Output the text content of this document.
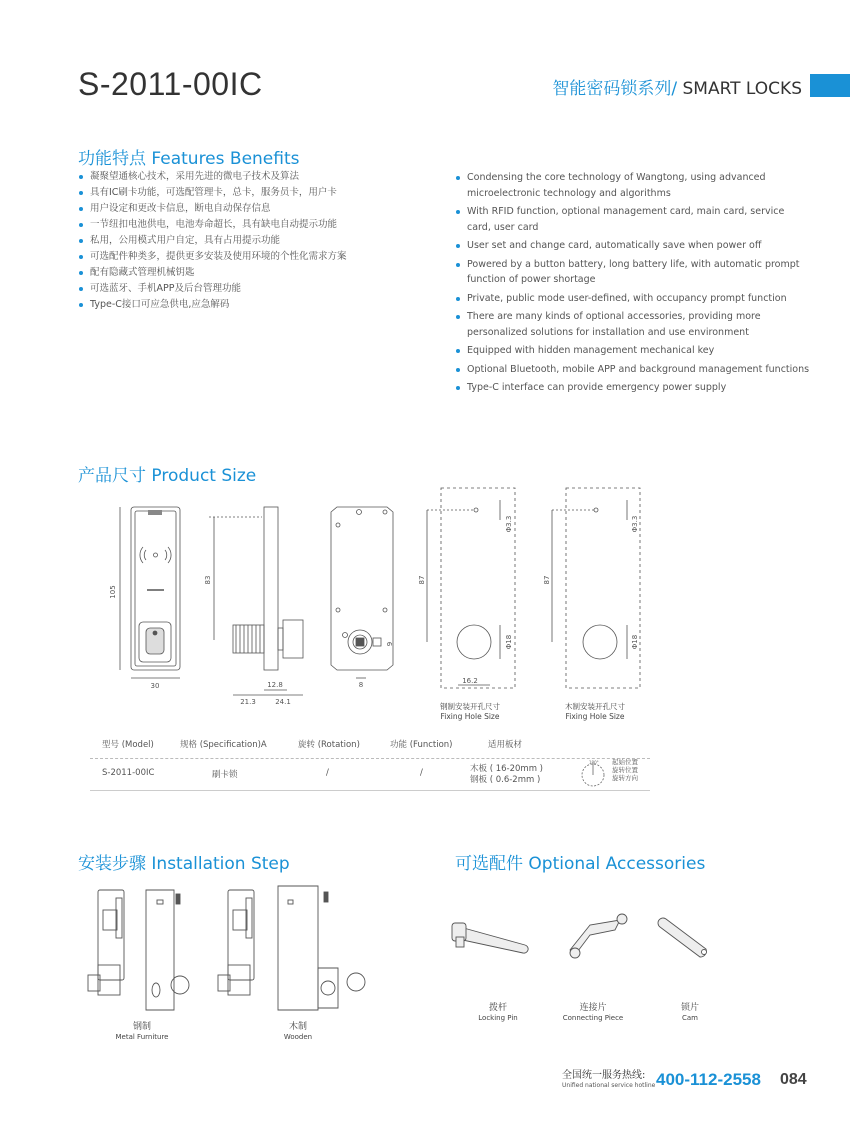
S-2011-00IC	智能密码锁系列/ SMART LOCKS
功能特点 Features Benefits
凝聚望通核心技术，采用先进的微电子技术及算法
具有IC刷卡功能，可选配管理卡，总卡，服务员卡，用户卡
用户设定和更改卡信息，断电自动保存信息
一节纽扣电池供电，电池寿命超长，具有缺电自动提示功能
私用，公用模式用户自定，具有占用提示功能
可选配件种类多，提供更多安装及使用环境的个性化需求方案
配有隐藏式管理机械钥匙
可选蓝牙、手机APP及后台管理功能
Type-C接口可应急供电,应急解码
Condensing the core technology of Wangtong, using advanced microelectronic technology and algorithms
With RFID function, optional management card, main card, service card, user card
User set and change card, automatically save when power off
Powered by a button battery, long battery life, with automatic prompt function of power shortage
Private, public mode user-defined, with occupancy prompt function
There are many kinds of optional accessories, providing more personalized solutions for installation and use environment
Equipped with hidden management mechanical key
Optional Bluetooth, mobile APP and background management functions
Type-C interface can provide emergency power supply
产品尺寸 Product Size
105
30
83
12.8
21.3	24.1
8
9
87	87
Φ3.3	Φ3.3
Φ18	Φ18
16.2
钢制安装开孔尺寸
Fixing Hole Size
木制安装开孔尺寸
Fixing Hole Size
型号 (Model)	规格 (Specification)A	旋转 (Rotation)	功能 (Function)	适用板材
S-2011-00IC	刷卡锁	/	/	木板 ( 16-20mm )
钢板 ( 0.6-2mm )
180° 起始位置
旋转位置
旋转方向
安装步骤 Installation Step
钢制
Metal Furniture
木制
Wooden
可选配件 Optional Accessories
拨杆
Locking Pin
连接片
Connecting Piece
锁片
Cam
全国统一服务热线:
Unified national service hotline 400-112-2558 084
